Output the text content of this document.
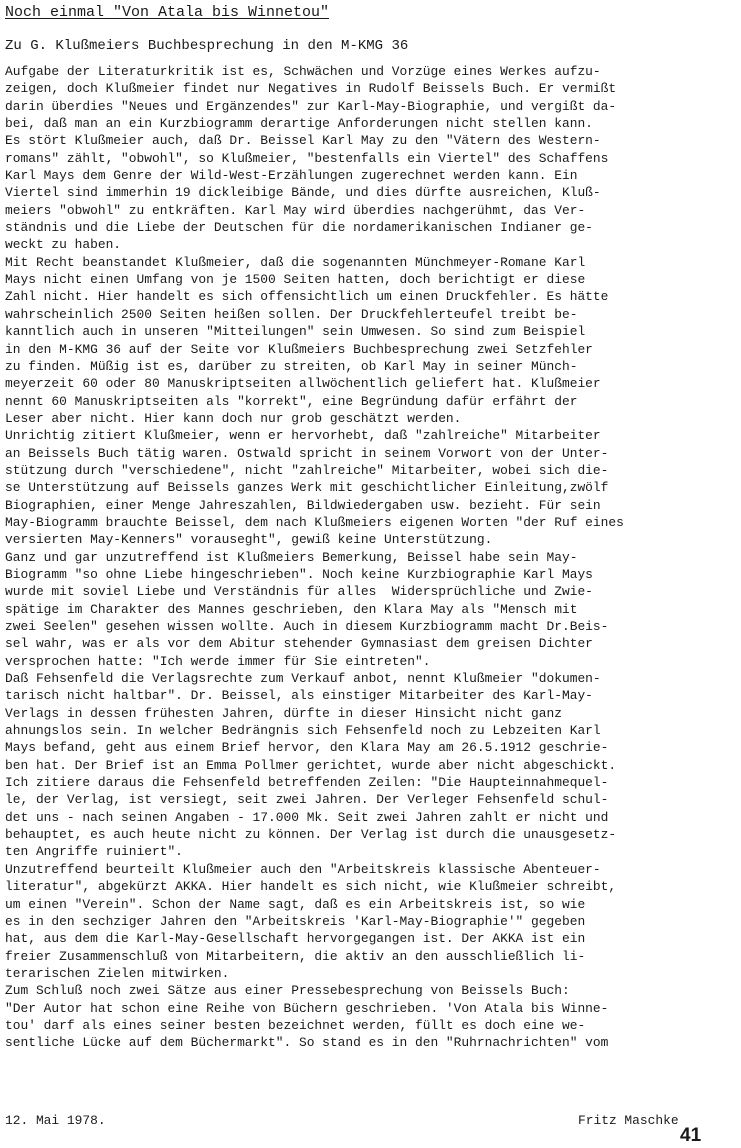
Noch einmal "Von Atala bis Winnetou"
Zu G. Klußmeiers Buchbesprechung in den M-KMG 36
Aufgabe der Literaturkritik ist es, Schwächen und Vorzüge eines Werkes aufzu-
zeigen, doch Klußmeier findet nur Negatives in Rudolf Beissels Buch. Er vermißt
darin überdies "Neues und Ergänzendes" zur Karl-May-Biographie, und vergißt da-
bei, daß man an ein Kurzbiogramm derartige Anforderungen nicht stellen kann.
Es stört Klußmeier auch, daß Dr. Beissel Karl May zu den "Vätern des Western-
romans" zählt, "obwohl", so Klußmeier, "bestenfalls ein Viertel" des Schaffens
Karl Mays dem Genre der Wild-West-Erzählungen zugerechnet werden kann. Ein
Viertel sind immerhin 19 dickleibige Bände, und dies dürfte ausreichen, Kluß-
meiers "obwohl" zu entkräften. Karl May wird überdies nachgerühmt, das Ver-
ständnis und die Liebe der Deutschen für die nordamerikanischen Indianer ge-
weckt zu haben.
Mit Recht beanstandet Klußmeier, daß die sogenannten Münchmeyer-Romane Karl
Mays nicht einen Umfang von je 1500 Seiten hatten, doch berichtigt er diese
Zahl nicht. Hier handelt es sich offensichtlich um einen Druckfehler. Es hätte
wahrscheinlich 2500 Seiten heißen sollen. Der Druckfehlerteufel treibt be-
kanntlich auch in unseren "Mitteilungen" sein Umwesen. So sind zum Beispiel
in den M-KMG 36 auf der Seite vor Klußmeiers Buchbesprechung zwei Setzfehler
zu finden. Müßig ist es, darüber zu streiten, ob Karl May in seiner Münch-
meyerzeit 60 oder 80 Manuskriptseiten allwöchentlich geliefert hat. Klußmeier
nennt 60 Manuskriptseiten als "korrekt", eine Begründung dafür erfährt der
Leser aber nicht. Hier kann doch nur grob geschätzt werden.
Unrichtig zitiert Klußmeier, wenn er hervorhebt, daß "zahlreiche" Mitarbeiter
an Beissels Buch tätig waren. Ostwald spricht in seinem Vorwort von der Unter-
stützung durch "verschiedene", nicht "zahlreiche" Mitarbeiter, wobei sich die-
se Unterstützung auf Beissels ganzes Werk mit geschichtlicher Einleitung,zwölf
Biographien, einer Menge Jahreszahlen, Bildwiedergaben usw. bezieht. Für sein
May-Biogramm brauchte Beissel, dem nach Klußmeiers eigenen Worten "der Ruf eines
versierten May-Kenners" vorauseght", gewiß keine Unterstützung.
Ganz und gar unzutreffend ist Klußmeiers Bemerkung, Beissel habe sein May-
Biogramm "so ohne Liebe hingeschrieben". Noch keine Kurzbiographie Karl Mays
wurde mit soviel Liebe und Verständnis für alles  Widersprüchliche und Zwie-
spätige im Charakter des Mannes geschrieben, den Klara May als "Mensch mit
zwei Seelen" gesehen wissen wollte. Auch in diesem Kurzbiogramm macht Dr.Beis-
sel wahr, was er als vor dem Abitur stehender Gymnasiast dem greisen Dichter
versprochen hatte: "Ich werde immer für Sie eintreten".
Daß Fehsenfeld die Verlagsrechte zum Verkauf anbot, nennt Klußmeier "dokumen-
tarisch nicht haltbar". Dr. Beissel, als einstiger Mitarbeiter des Karl-May-
Verlags in dessen frühesten Jahren, dürfte in dieser Hinsicht nicht ganz
ahnungslos sein. In welcher Bedrängnis sich Fehsenfeld noch zu Lebzeiten Karl
Mays befand, geht aus einem Brief hervor, den Klara May am 26.5.1912 geschrie-
ben hat. Der Brief ist an Emma Pollmer gerichtet, wurde aber nicht abgeschickt.
Ich zitiere daraus die Fehsenfeld betreffenden Zeilen: "Die Haupteinnahmequel-
le, der Verlag, ist versiegt, seit zwei Jahren. Der Verleger Fehsenfeld schul-
det uns - nach seinen Angaben - 17.000 Mk. Seit zwei Jahren zahlt er nicht und
behauptet, es auch heute nicht zu können. Der Verlag ist durch die unausgesetz-
ten Angriffe ruiniert".
Unzutreffend beurteilt Klußmeier auch den "Arbeitskreis klassische Abenteuer-
literatur", abgekürzt AKKA. Hier handelt es sich nicht, wie Klußmeier schreibt,
um einen "Verein". Schon der Name sagt, daß es ein Arbeitskreis ist, so wie
es in den sechziger Jahren den "Arbeitskreis 'Karl-May-Biographie'" gegeben
hat, aus dem die Karl-May-Gesellschaft hervorgegangen ist. Der AKKA ist ein
freier Zusammenschluß von Mitarbeitern, die aktiv an den ausschließlich li-
terarischen Zielen mitwirken.
Zum Schluß noch zwei Sätze aus einer Pressebesprechung von Beissels Buch:
"Der Autor hat schon eine Reihe von Büchern geschrieben. 'Von Atala bis Winne-
tou' darf als eines seiner besten bezeichnet werden, füllt es doch eine we-
sentliche Lücke auf dem Büchermarkt". So stand es in den "Ruhrnachrichten" vom
12. Mai 1978.	Fritz Maschke
41
